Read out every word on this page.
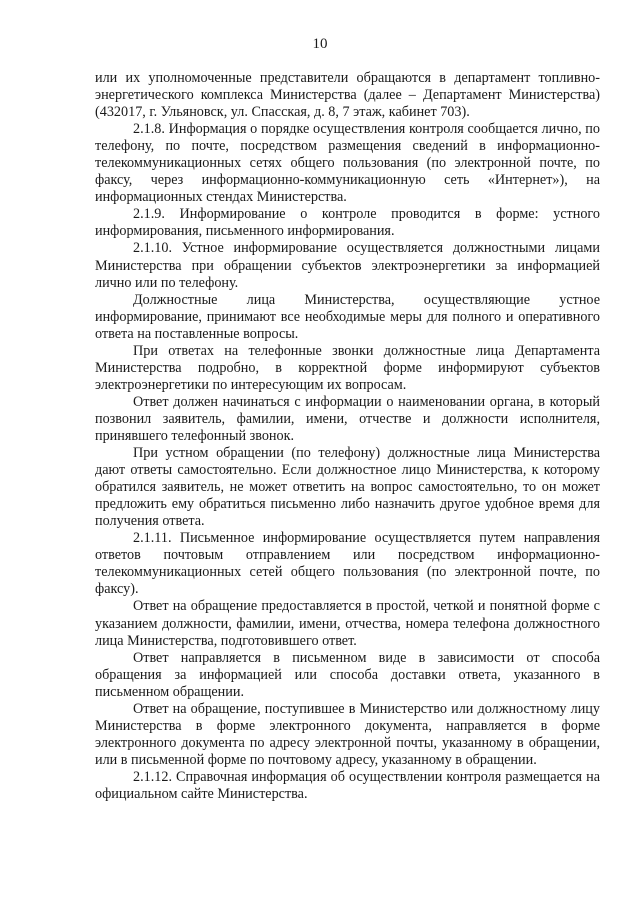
10

или их уполномоченные представители обращаются в департамент топливно-энергетического комплекса Министерства (далее – Департамент Министерства) (432017, г. Ульяновск, ул. Спасская, д. 8, 7 этаж, кабинет 703).

2.1.8. Информация о порядке осуществления контроля сообщается лично, по телефону, по почте, посредством размещения сведений в информационно-телекоммуникационных сетях общего пользования (по электронной почте, по факсу, через информационно-коммуникационную сеть «Интернет»), на информационных стендах Министерства.

2.1.9. Информирование о контроле проводится в форме: устного информирования, письменного информирования.

2.1.10. Устное информирование осуществляется должностными лицами Министерства при обращении субъектов электроэнергетики за информацией лично или по телефону.

Должностные лица Министерства, осуществляющие устное информирование, принимают все необходимые меры для полного и оперативного ответа на поставленные вопросы.

При ответах на телефонные звонки должностные лица Департамента Министерства подробно, в корректной форме информируют субъектов электроэнергетики по интересующим их вопросам.

Ответ должен начинаться с информации о наименовании органа, в который позвонил заявитель, фамилии, имени, отчестве и должности исполнителя, принявшего телефонный звонок.

При устном обращении (по телефону) должностные лица Министерства дают ответы самостоятельно. Если должностное лицо Министерства, к которому обратился заявитель, не может ответить на вопрос самостоятельно, то он может предложить ему обратиться письменно либо назначить другое удобное время для получения ответа.

2.1.11. Письменное информирование осуществляется путем направления ответов почтовым отправлением или посредством информационно-телекоммуникационных сетей общего пользования (по электронной почте, по факсу).

Ответ на обращение предоставляется в простой, четкой и понятной форме с указанием должности, фамилии, имени, отчества, номера телефона должностного лица Министерства, подготовившего ответ.

Ответ направляется в письменном виде в зависимости от способа обращения за информацией или способа доставки ответа, указанного в письменном обращении.

Ответ на обращение, поступившее в Министерство или должностному лицу Министерства в форме электронного документа, направляется в форме электронного документа по адресу электронной почты, указанному в обращении, или в письменной форме по почтовому адресу, указанному в обращении.

2.1.12. Справочная информация об осуществлении контроля размещается на официальном сайте Министерства.
